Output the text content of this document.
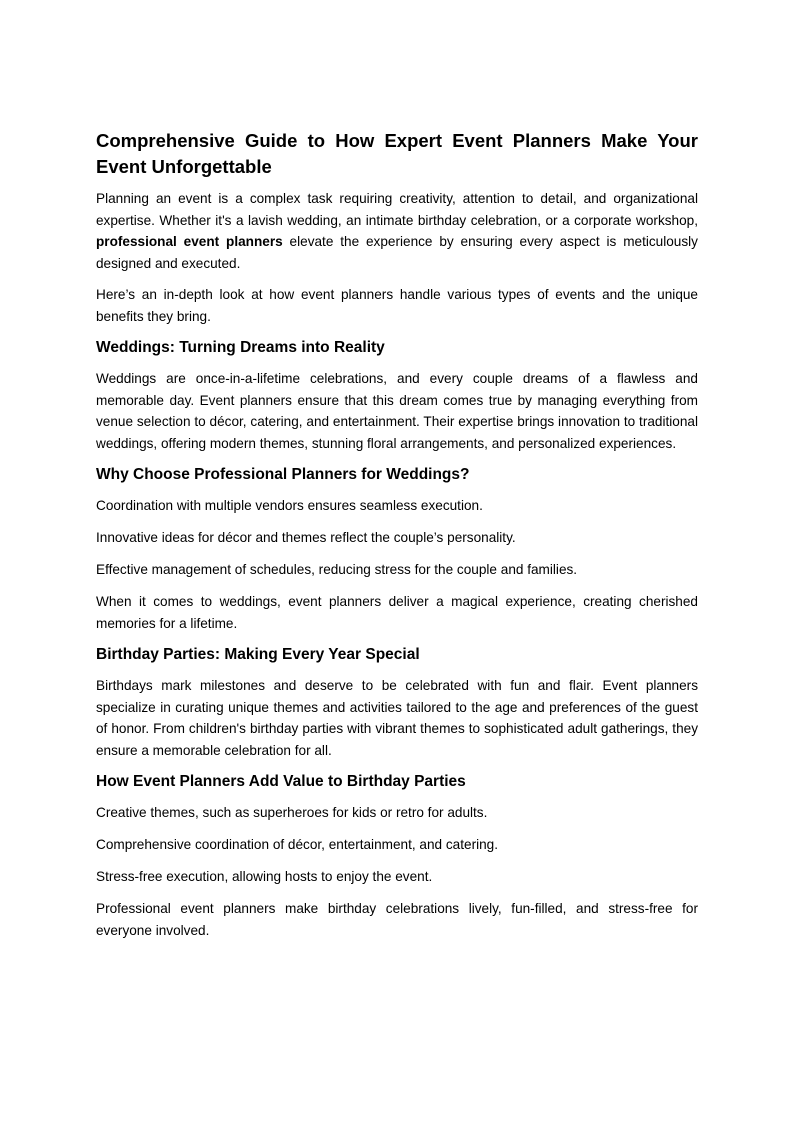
Comprehensive Guide to How Expert Event Planners Make Your Event Unforgettable

Planning an event is a complex task requiring creativity, attention to detail, and organizational expertise. Whether it's a lavish wedding, an intimate birthday celebration, or a corporate workshop, professional event planners elevate the experience by ensuring every aspect is meticulously designed and executed.

Here’s an in-depth look at how event planners handle various types of events and the unique benefits they bring.

Weddings: Turning Dreams into Reality

Weddings are once-in-a-lifetime celebrations, and every couple dreams of a flawless and memorable day. Event planners ensure that this dream comes true by managing everything from venue selection to décor, catering, and entertainment. Their expertise brings innovation to traditional weddings, offering modern themes, stunning floral arrangements, and personalized experiences.

Why Choose Professional Planners for Weddings?

Coordination with multiple vendors ensures seamless execution.

Innovative ideas for décor and themes reflect the couple’s personality.

Effective management of schedules, reducing stress for the couple and families.

When it comes to weddings, event planners deliver a magical experience, creating cherished memories for a lifetime.

Birthday Parties: Making Every Year Special

Birthdays mark milestones and deserve to be celebrated with fun and flair. Event planners specialize in curating unique themes and activities tailored to the age and preferences of the guest of honor. From children's birthday parties with vibrant themes to sophisticated adult gatherings, they ensure a memorable celebration for all.

How Event Planners Add Value to Birthday Parties

Creative themes, such as superheroes for kids or retro for adults.

Comprehensive coordination of décor, entertainment, and catering.

Stress-free execution, allowing hosts to enjoy the event.

Professional event planners make birthday celebrations lively, fun-filled, and stress-free for everyone involved.
